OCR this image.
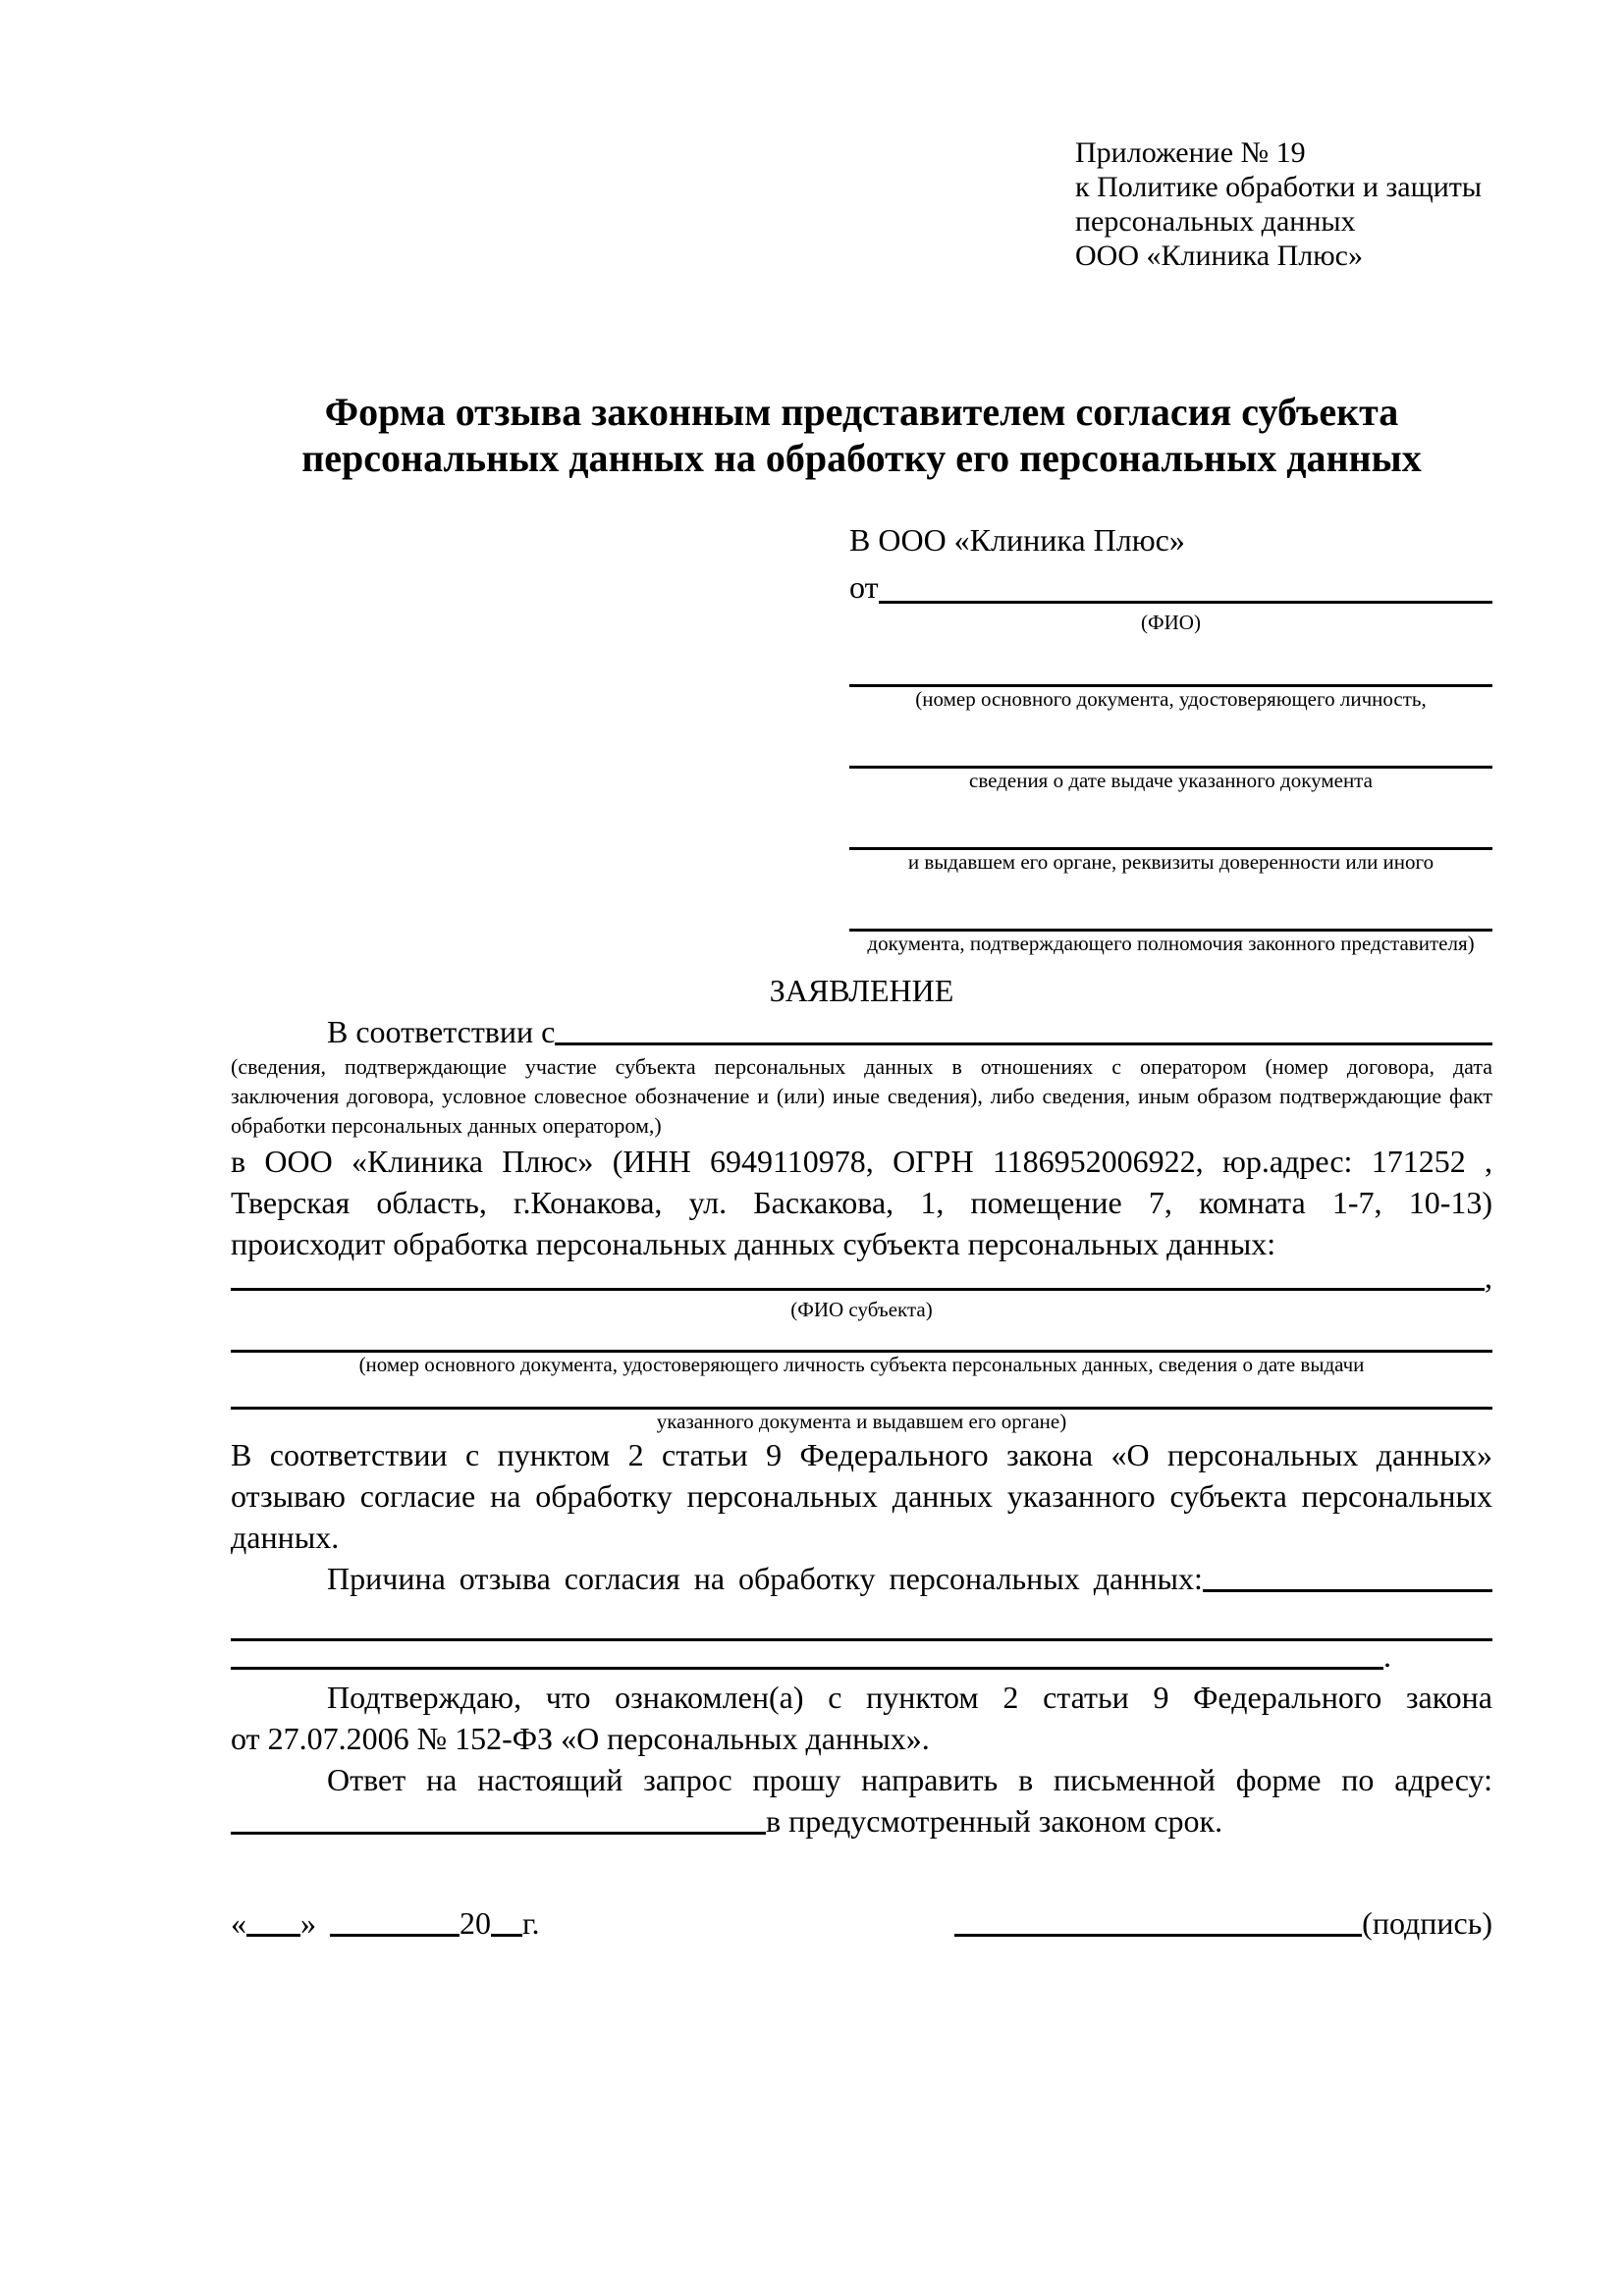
Приложение № 19
к Политике обработки и защиты
персональных данных
ООО «Клиника Плюс»
Форма отзыва законным представителем согласия субъекта
персональных данных на обработку его персональных данных
В ООО «Клиника Плюс»
от
(ФИО)
(номер основного документа, удостоверяющего личность,
сведения о дате выдаче указанного документа
и выдавшем его органе, реквизиты доверенности или иного
документа, подтверждающего полномочия законного представителя)
ЗАЯВЛЕНИЕ
В соответствии с
(сведения, подтверждающие участие субъекта персональных данных в отношениях с оператором (номер договора, дата
заключения договора, условное словесное обозначение и (или) иные сведения), либо сведения, иным образом подтверждающие факт
обработки персональных данных оператором,)
в ООО «Клиника Плюс» (ИНН 6949110978, ОГРН 1186952006922, юр.адрес: 171252 ,
Тверская область, г.Конакова, ул. Баскакова, 1, помещение 7, комната 1-7, 10-13)
происходит обработка персональных данных субъекта персональных данных:
,
(ФИО субъекта)
(номер основного документа, удостоверяющего личность субъекта персональных данных, сведения о дате выдачи
указанного документа и выдавшем его органе)
В соответствии с пунктом 2 статьи 9 Федерального закона «О персональных данных»
отзываю согласие на обработку персональных данных указанного субъекта персональных
данных.
Причина отзыва согласия на обработку персональных данных:
.
Подтверждаю, что ознакомлен(а) с пунктом 2 статьи 9 Федерального закона
от 27.07.2006 № 152-ФЗ «О персональных данных».
Ответ на настоящий запрос прошу направить в письменной форме по адресу:
в предусмотренный законом срок.
« »	20 г.	(подпись)
